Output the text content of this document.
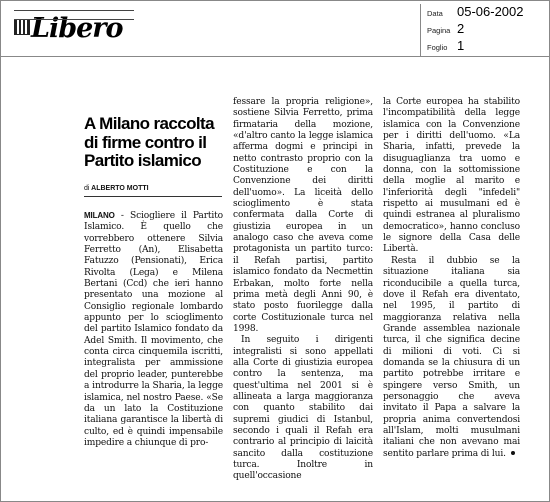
Libero	Data	05-06-2002
Pagina 2
Foglio 1
A Milano raccolta di firme contro il Partito islamico
di ALBERTO MOTTI

MILANO - Sciogliere il Partito Islamico. È quello che vorrebbero ottenere Silvia Ferretto (An), Elisabetta Fatuzzo (Pensionati), Erica Rivolta (Lega) e Milena Bertani (Ccd) che ieri hanno presentato una mozione al Consiglio regionale lombardo appunto per lo scioglimento del partito Islamico fondato da Adel Smith. Il movimento, che conta circa cinquemila iscritti, integralista per ammissione del proprio leader, punterebbe a introdurre la Sharia, la legge islamica, nel nostro Paese. «Se da un lato la Costituzione italiana garantisce la libertà di culto, ed è quindi impensabile impedire a chiunque di pro-

fessare la propria religione», sostiene Silvia Ferretto, prima firmataria della mozione, «d'altro canto la legge islamica afferma dogmi e principi in netto contrasto proprio con la Costituzione e con la Convenzione dei diritti dell'uomo». La liceità dello scioglimento è stata confermata dalla Corte di giustizia europea in un analogo caso che aveva come protagonista un partito turco: il Refah partisi, partito islamico fondato da Necmettin Erbakan, molto forte nella prima metà degli Anni 90, è stato posto fuorilegge dalla corte Costituzionale turca nel 1998.

In seguito i dirigenti integralisti si sono appellati alla Corte di giustizia europea contro la sentenza, ma quest'ultima nel 2001 si è allineata a larga maggioranza con quanto stabilito dai supremi giudici di Istanbul, secondo i quali il Refah era contrario al principio di laicità sancito dalla costituzione turca. Inoltre in quell'occasione

la Corte europea ha stabilito l'incompatibilità della legge islamica con la Convenzione per i diritti dell'uomo. «La Sharia, infatti, prevede la disuguaglianza tra uomo e donna, con la sottomissione della moglie al marito e l'inferiorità degli "infedeli" rispetto ai musulmani ed è quindi estranea al pluralismo democratico», hanno concluso le signore della Casa delle Libertà.

Resta il dubbio se la situazione italiana sia riconducibile a quella turca, dove il Refah era diventato, nel 1995, il partito di maggioranza relativa nella Grande assemblea nazionale turca, il che significa decine di milioni di voti. Ci si domanda se la chiusura di un partito potrebbe irritare e spingere verso Smith, un personaggio che aveva invitato il Papa a salvare la propria anima convertendosi all'Islam, molti musulmani italiani che non avevano mai sentito parlare prima di lui.
